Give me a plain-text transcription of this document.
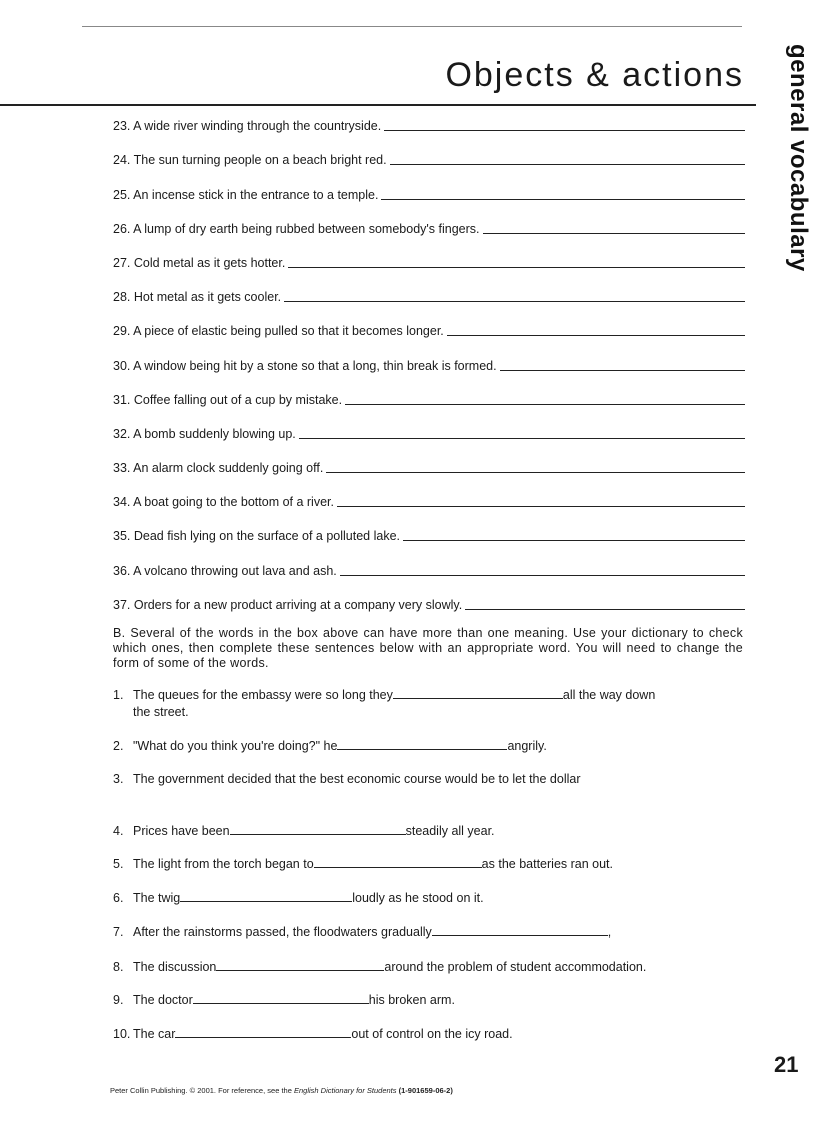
Objects & actions general vocabulary
23. A wide river winding through the countryside.
24. The sun turning people on a beach bright red.
25. An incense stick in the entrance to a temple.
26. A lump of dry earth being rubbed between somebody's fingers.
27. Cold metal as it gets hotter.
28. Hot metal as it gets cooler.
29. A piece of elastic being pulled so that it becomes longer.
30. A window being hit by a stone so that a long, thin break is formed.
31. Coffee falling out of a cup by mistake.
32. A bomb suddenly blowing up.
33. An alarm clock suddenly going off.
34. A boat going to the bottom of a river.
35. Dead fish lying on the surface of a polluted lake.
36. A volcano throwing out lava and ash.
37. Orders for a new product arriving at a company very slowly.
B. Several of the words in the box above can have more than one meaning. Use your dictionary to check which ones, then complete these sentences below with an appropriate word. You will need to change the form of some of the words.
1. The queues for the embassy were so long they	all the way down
the street.
2. "What do you think you're doing?" he	angrily.
3. The government decided that the best economic course would be to let the dollar
4. Prices have been	steadily all year.
5. The light from the torch began to	as the batteries ran out.
6. The twig	loudly as he stood on it.
7. After the rainstorms passed, the floodwaters gradually	,
8. The discussion	around the problem of student accommodation.
9. The doctor	his broken arm.
10. The car	out of control on the icy road.
21
Peter Collin Publishing. © 2001. For reference, see the English Dictionary for Students (1-901659-06-2)
